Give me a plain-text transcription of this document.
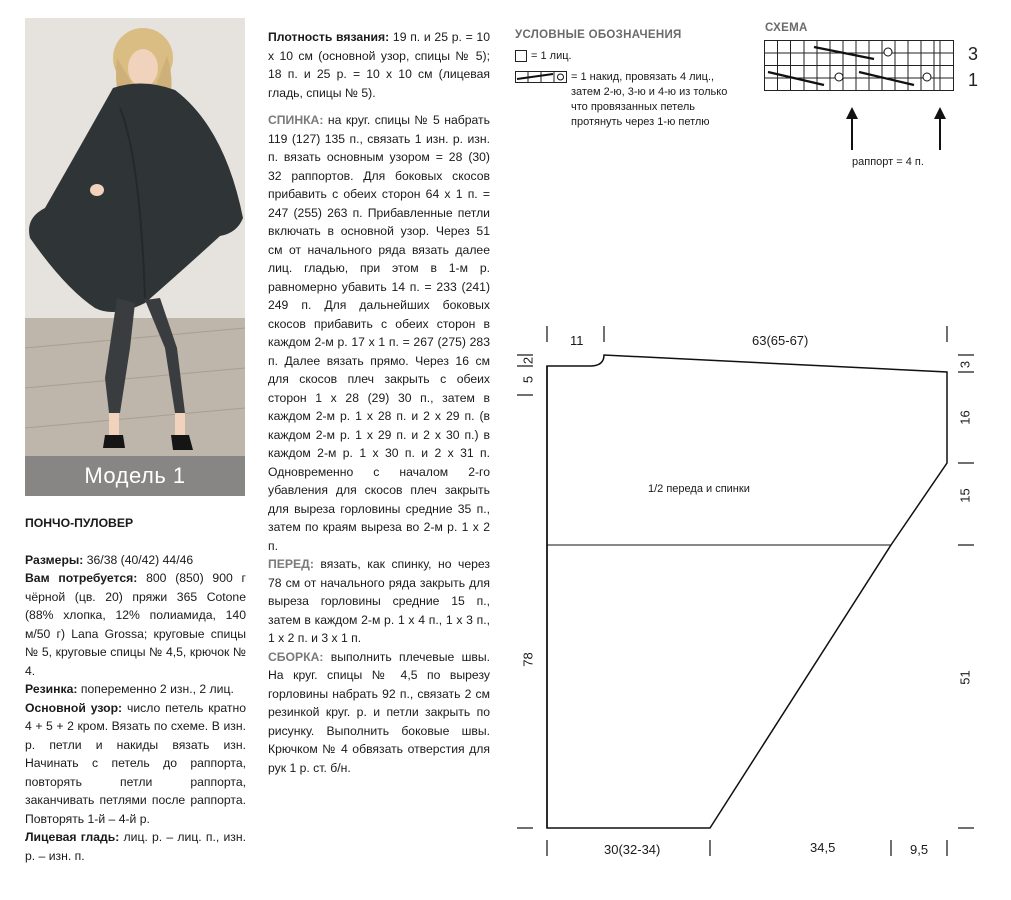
Модель 1

ПОНЧО-ПУЛОВЕР

Размеры: 36/38 (40/42) 44/46

Вам потребуется: 800 (850) 900 г чёрной (цв. 20) пряжи 365 Cotone (88% хлопка, 12% полиамида, 140 м/50 г) Lana Grossa; круговые спицы № 5, круговые спицы № 4,5, крючок № 4.

Резинка: попеременно 2 изн., 2 лиц.

Основной узор: число петель кратно 4 + 5 + 2 кром. Вязать по схеме. В изн. р. петли и накиды вязать изн. Начинать с петель до раппорта, повторять петли раппорта, заканчивать петлями после раппорта. Повторять 1-й – 4-й р.

Лицевая гладь: лиц. р. – лиц. п., изн. р. – изн. п.

Плотность вязания: 19 п. и 25 р. = 10 х 10 см (основной узор, спицы № 5); 18 п. и 25 р. = 10 х 10 см (лицевая гладь, спицы № 5).

СПИНКА: на круг. спицы № 5 набрать 119 (127) 135 п., связать 1 изн. р. изн. п. вязать основным узором = 28 (30) 32 раппортов. Для боковых скосов прибавить с обеих сторон 64 х 1 п. = 247 (255) 263 п. Прибавленные петли включать в основной узор. Через 51 см от начального ряда вязать далее лиц. гладью, при этом в 1-м р. равномерно убавить 14 п. = 233 (241) 249 п. Для дальнейших боковых скосов прибавить с обеих сторон в каждом 2-м р. 17 х 1 п. = 267 (275) 283 п. Далее вязать прямо. Через 16 см для скосов плеч закрыть с обеих сторон 1 х 28 (29) 30 п., затем в каждом 2-м р. 1 х 28 п. и 2 х 29 п. (в каждом 2-м р. 1 х 29 п. и 2 х 30 п.) в каждом 2-м р. 1 х 30 п. и 2 х 31 п. Одновременно с началом 2-го убавления для скосов плеч закрыть для выреза горловины средние 35 п., затем по краям выреза во 2-м р. 1 х 2 п.

ПЕРЕД: вязать, как спинку, но через 78 см от начального ряда закрыть для выреза горловины средние 15 п., затем в каждом 2-м р. 1 х 4 п., 1 х 3 п., 1 х 2 п. и 3 х 1 п.

СБОРКА: выполнить плечевые швы. На круг. спицы № 4,5 по вырезу горловины набрать 92 п., связать 2 см резинкой круг. р. и петли закрыть по рисунку. Выполнить боковые швы. Крючком № 4 обвязать отверстия для рук 1 р. ст. б/н.

УСЛОВНЫЕ ОБОЗНАЧЕНИЯ
= 1 лиц.
= 1 накид, провязать 4 лиц., затем 2-ю, 3-ю и 4-ю из только что провязанных петель протянуть через 1-ю петлю
СХЕМА
3
1
раппорт = 4 п.
1/2 переда и спинки
11	63(65-67)
30(32-34)	34,5	9,5
2
5
78
3
16
15
51
